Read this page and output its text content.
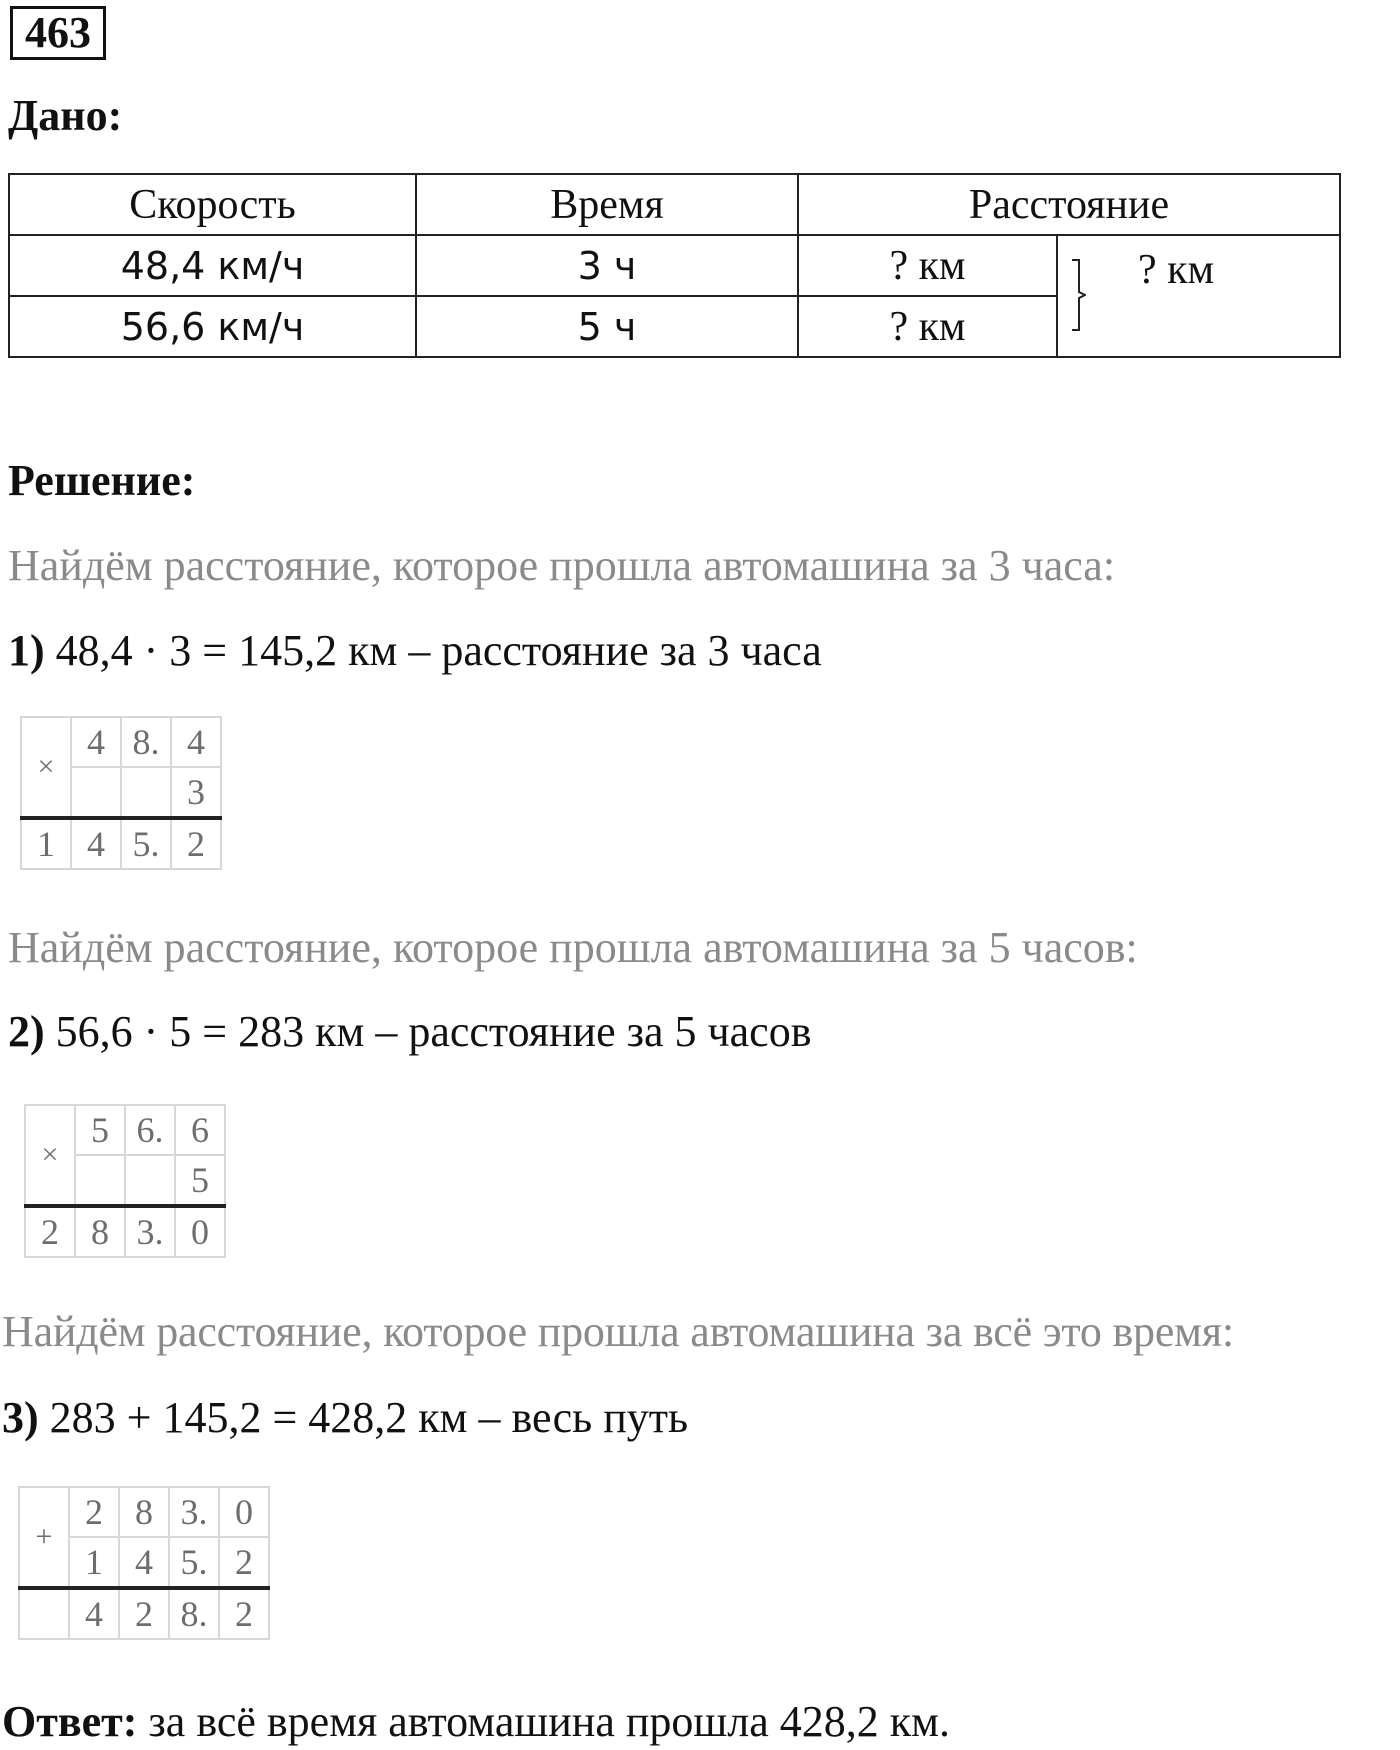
463
Дано:
Скорость	Время	Расстояние	
48,4 км/ч	3 ч	? км	? км

56,6 км/ч	5 ч	? км	
Решение:
Найдём расстояние, которое прошла автомашина за 3 часа:
1) 48,4 · 3 = 145,2 км – расстояние за 3 часа
×	4	8.	4
			3
1	4	5.	2
Найдём расстояние, которое прошла автомашина за 5 часов:
2) 56,6 · 5 = 283 км – расстояние за 5 часов
×	5	6.	6
			5
2	8	3.	0
Найдём расстояние, которое прошла автомашина за всё это время:
3) 283 + 145,2 = 428,2 км – весь путь
+	2	8	3.	0
	1	4	5.	2
	4	2	8.	2
Ответ: за всё время автомашина прошла 428,2 км.
